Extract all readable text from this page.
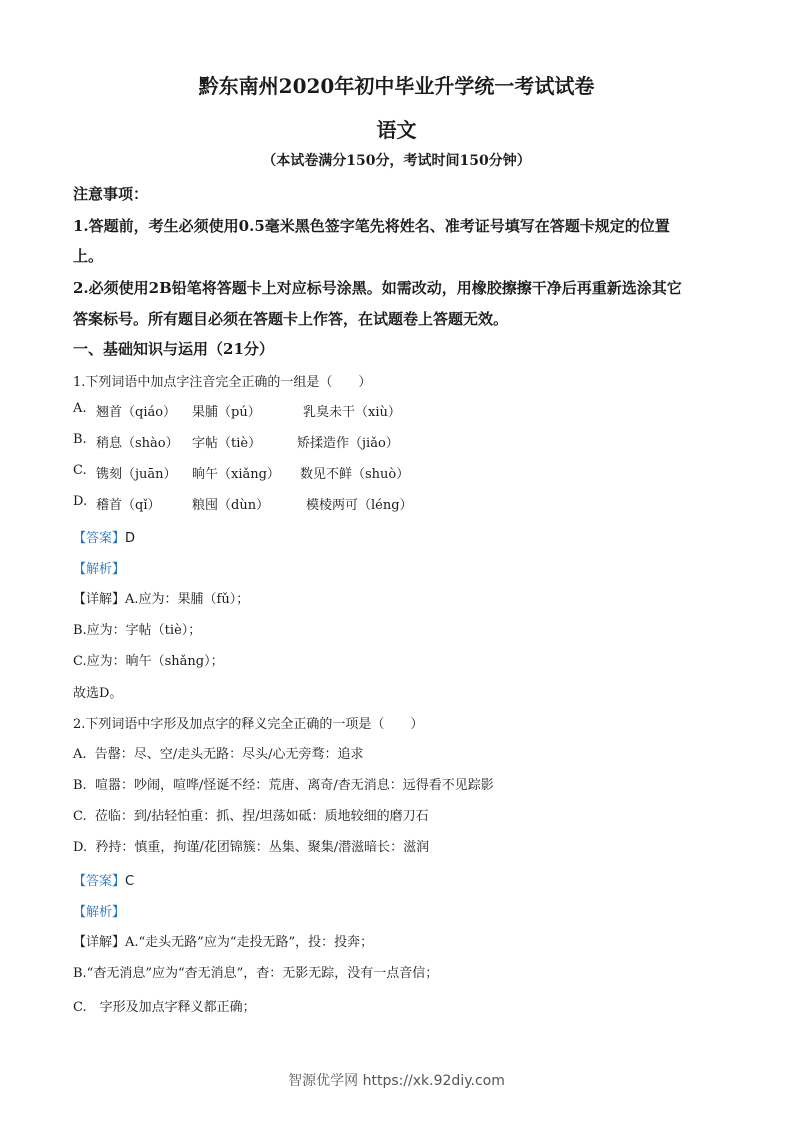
黔东南州2020年初中毕业升学统一考试试卷
语文
（本试卷满分150分，考试时间150分钟）
注意事项：
1.答题前，考生必须使用0.5毫米黑色签字笔先将姓名、准考证号填写在答题卡规定的位置
上。
2.必须使用2B铅笔将答题卡上对应标号涂黑。如需改动，用橡胶擦擦干净后再重新选涂其它
答案标号。所有题目必须在答题卡上作答，在试题卷上答题无效。
一、基础知识与运用（21分）
1.下列词语中加点字注音完全正确的一组是（　　）
A. 翘首（qiáo） 果脯（pú）	乳臭未干（xiù）
B. 稍息（shào） 字帖（tiè）	矫揉造作（jiǎo）
C. 镌刻（juān） 晌午（xiǎng） 数见不鲜（shuò）
D. 稽首（qǐ） 粮囤（dùn）	模棱两可（léng）
【答案】D
【解析】
【详解】A.应为：果脯（fǔ）；
B.应为：字帖（tiè）；
C.应为：晌午（shǎng）；
故选D。
2.下列词语中字形及加点字的释义完全正确的一项是（　　）
A. 告罄：尽、空/走头无路：尽头/心无旁骛：追求
B. 喧嚣：吵闹，喧哗/怪诞不经：荒唐、离奇/杳无消息：远得看不见踪影
C. 莅临：到/拈轻怕重：抓、捏/坦荡如砥：质地较细的磨刀石
D. 矜持：慎重，拘谨/花团锦簇：丛集、聚集/潜滋暗长：滋润
【答案】C
【解析】
【详解】A.“走头无路”应为“走投无路”，投：投奔；
B.“杳无消息”应为“杳无消息”，杳：无影无踪，没有一点音信；
C.　字形及加点字释义都正确；
智源优学网 https://xk.92diy.com
